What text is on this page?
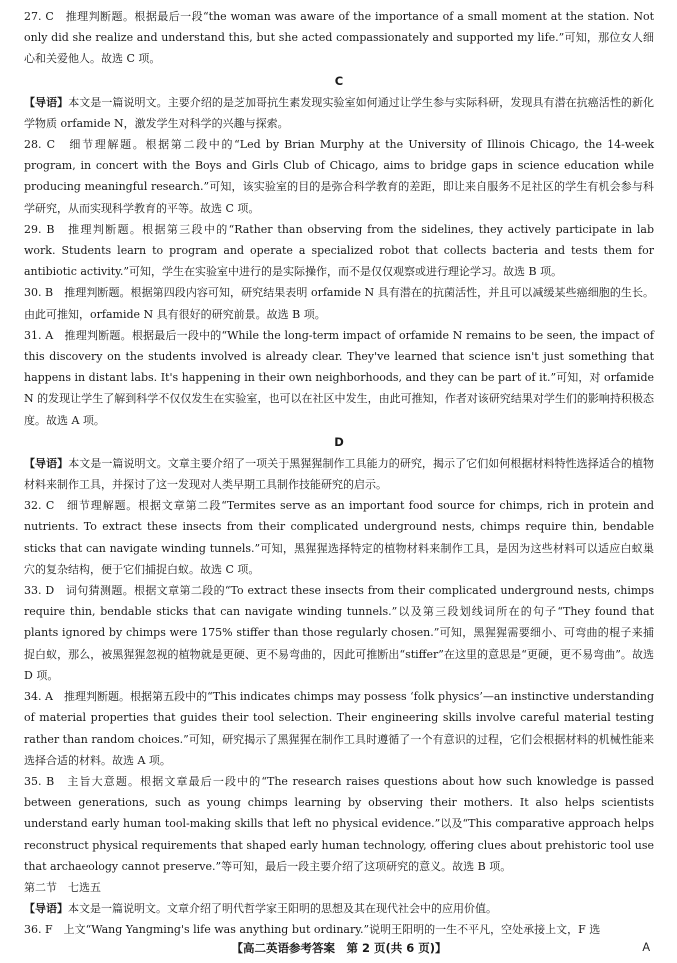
27. C　推理判断题。根据最后一段“the woman was aware of the importance of a small moment at the station. Not only did she realize and understand this, but she acted compassionately and supported my life.”可知，那位女人细心和关爱他人。故选 C 项。

C

【导语】本文是一篇说明文。主要介绍的是芝加哥抗生素发现实验室如何通过让学生参与实际科研，发现具有潜在抗癌活性的新化学物质 orfamide N，激发学生对科学的兴趣与探索。

28. C　细节理解题。根据第二段中的“Led by Brian Murphy at the University of Illinois Chicago, the 14-week program, in concert with the Boys and Girls Club of Chicago, aims to bridge gaps in science education while producing meaningful research.”可知，该实验室的目的是弥合科学教育的差距，即让来自服务不足社区的学生有机会参与科学研究，从而实现科学教育的平等。故选 C 项。

29. B　推理判断题。根据第三段中的“Rather than observing from the sidelines, they actively participate in lab work. Students learn to program and operate a specialized robot that collects bacteria and tests them for antibiotic activity.”可知，学生在实验室中进行的是实际操作，而不是仅仅观察或进行理论学习。故选 B 项。

30. B　推理判断题。根据第四段内容可知，研究结果表明 orfamide N 具有潜在的抗菌活性，并且可以减缓某些癌细胞的生长。由此可推知，orfamide N 具有很好的研究前景。故选 B 项。

31. A　推理判断题。根据最后一段中的“While the long-term impact of orfamide N remains to be seen, the impact of this discovery on the students involved is already clear. They've learned that science isn't just something that happens in distant labs. It's happening in their own neighborhoods, and they can be part of it.”可知，对 orfamide N 的发现让学生了解到科学不仅仅发生在实验室，也可以在社区中发生，由此可推知，作者对该研究结果对学生们的影响持积极态度。故选 A 项。

D

【导语】本文是一篇说明文。文章主要介绍了一项关于黑猩猩制作工具能力的研究，揭示了它们如何根据材料特性选择适合的植物材料来制作工具，并探讨了这一发现对人类早期工具制作技能研究的启示。

32. C　细节理解题。根据文章第二段“Termites serve as an important food source for chimps, rich in protein and nutrients. To extract these insects from their complicated underground nests, chimps require thin, bendable sticks that can navigate winding tunnels.”可知，黑猩猩选择特定的植物材料来制作工具，是因为这些材料可以适应白蚁巢穴的复杂结构，便于它们捕捉白蚁。故选 C 项。

33. D　词句猜测题。根据文章第二段的“To extract these insects from their complicated underground nests, chimps require thin, bendable sticks that can navigate winding tunnels.”以及第三段划线词所在的句子“They found that plants ignored by chimps were 175% stiffer than those regularly chosen.”可知，黑猩猩需要细小、可弯曲的棍子来捕捉白蚁，那么，被黑猩猩忽视的植物就是更硬、更不易弯曲的，因此可推断出“stiffer”在这里的意思是“更硬，更不易弯曲”。故选 D 项。

34. A　推理判断题。根据第五段中的“This indicates chimps may possess ‘folk physics’—an instinctive understanding of material properties that guides their tool selection. Their engineering skills involve careful material testing rather than random choices.”可知，研究揭示了黑猩猩在制作工具时遵循了一个有意识的过程，它们会根据材料的机械性能来选择合适的材料。故选 A 项。

35. B　主旨大意题。根据文章最后一段中的“The research raises questions about how such knowledge is passed between generations, such as young chimps learning by observing their mothers. It also helps scientists understand early human tool-making skills that left no physical evidence.”以及“This comparative approach helps reconstruct physical requirements that shaped early human technology, offering clues about prehistoric tool use that archaeology cannot preserve.”等可知，最后一段主要介绍了这项研究的意义。故选 B 项。

第二节　七选五

【导语】本文是一篇说明文。文章介绍了明代哲学家王阳明的思想及其在现代社会中的应用价值。

36. F　上文“Wang Yangming's life was anything but ordinary.”说明王阳明的一生不平凡，空处承接上文，F 选

【高二英语参考答案　第 2 页(共 6 页)】	A
